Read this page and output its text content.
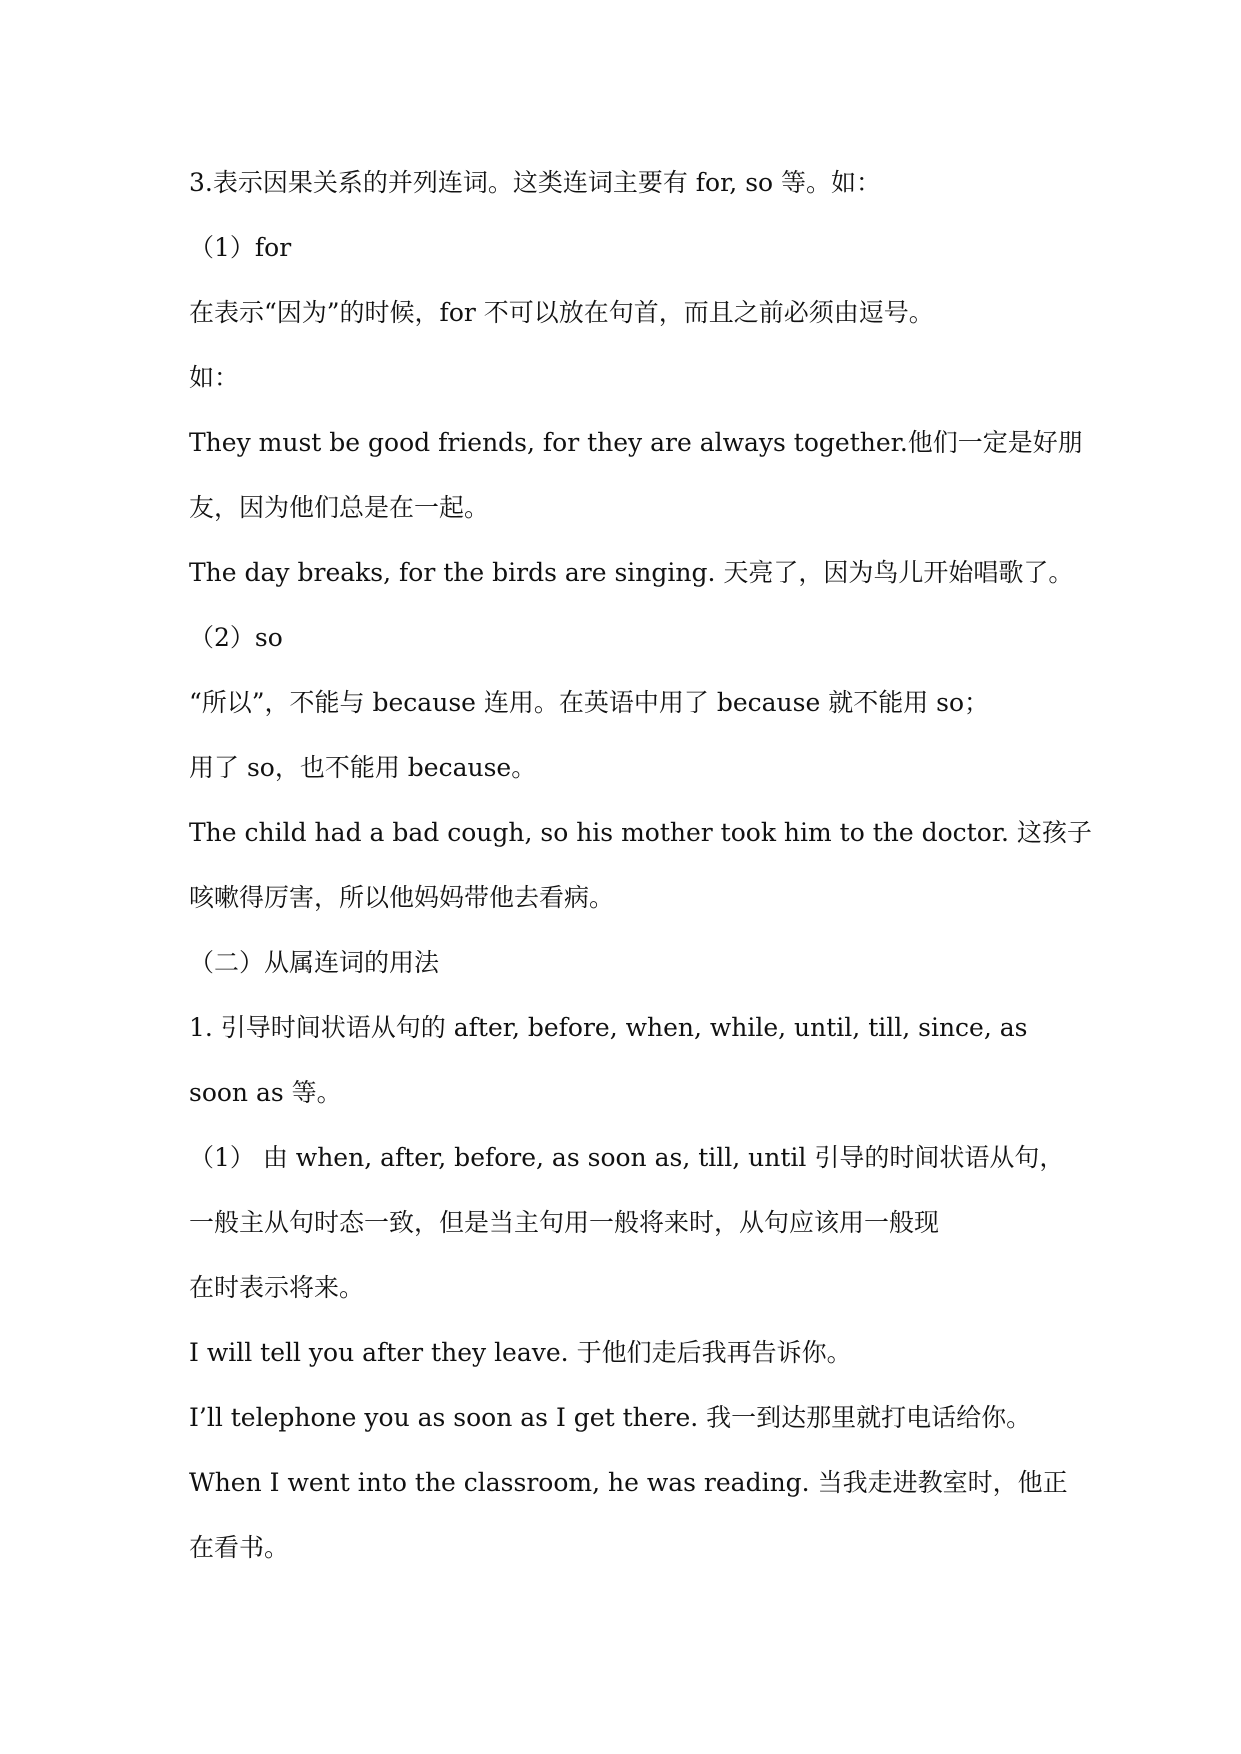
3.表示因果关系的并列连词。这类连词主要有 for, so 等。如：
（1）for
在表示“因为”的时候，for 不可以放在句首，而且之前必须由逗号。
如：
They must be good friends, for they are always together.他们一定是好朋
友，因为他们总是在一起。
The day breaks, for the birds are singing. 天亮了，因为鸟儿开始唱歌了。
（2）so
“所以”，不能与 because 连用。在英语中用了 because 就不能用 so；
用了 so，也不能用 because。
The child had a bad cough, so his mother took him to the doctor. 这孩子
咳嗽得厉害，所以他妈妈带他去看病。
（二）从属连词的用法
1. 引导时间状语从句的 after, before, when, while, until, till, since, as
soon as 等。
（1） 由 when, after, before, as soon as, till, until 引导的时间状语从句，
一般主从句时态一致，但是当主句用一般将来时，从句应该用一般现
在时表示将来。
I will tell you after they leave. 于他们走后我再告诉你。
I’ll telephone you as soon as I get there. 我一到达那里就打电话给你。
When I went into the classroom, he was reading. 当我走进教室时，他正
在看书。
